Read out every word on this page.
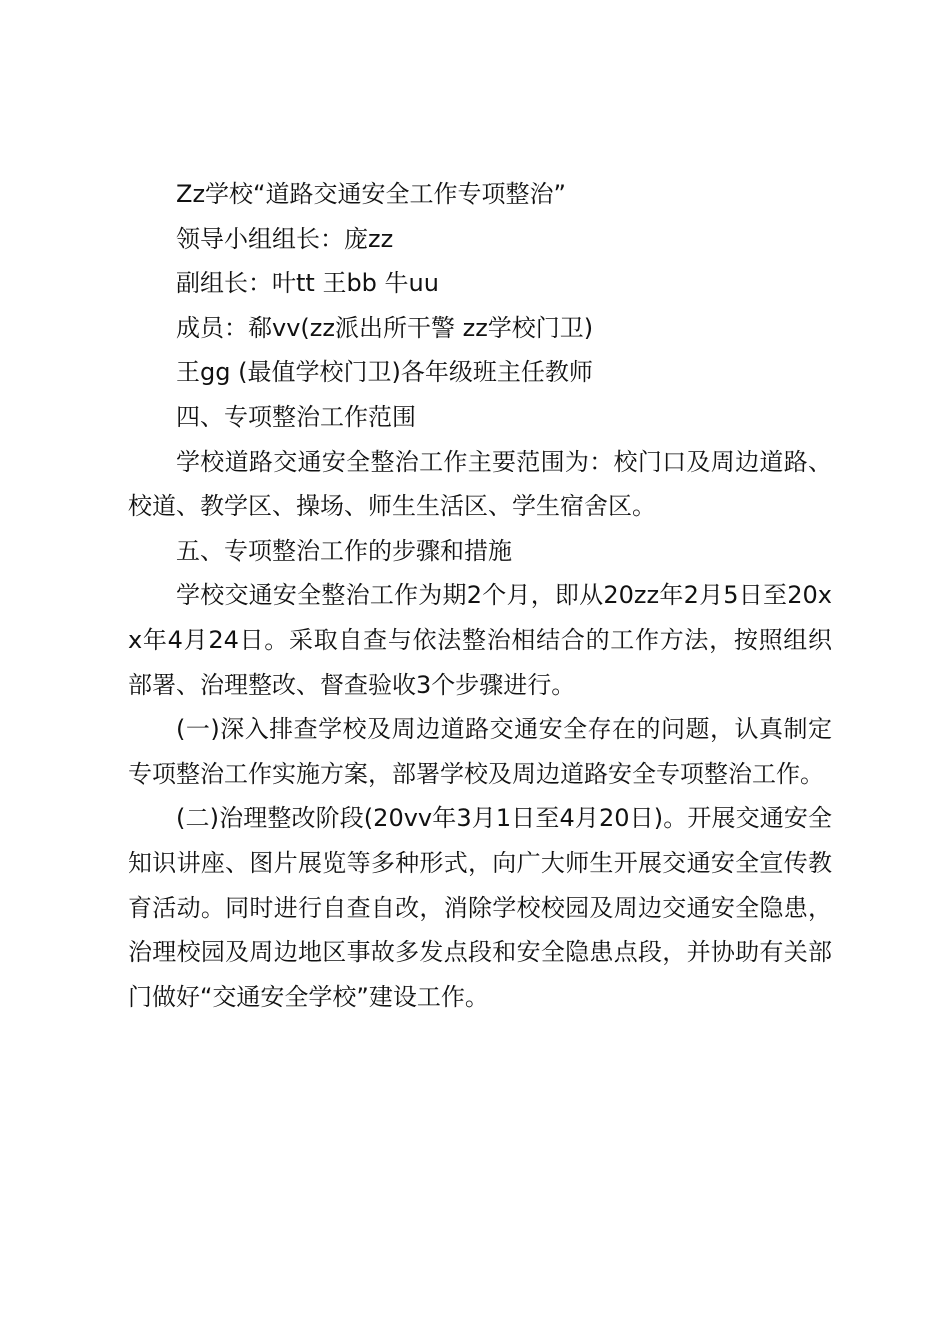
Zz学校“道路交通安全工作专项整治”

领导小组组长：庞zz

副组长：叶tt 王bb 牛uu

成员：郗vv(zz派出所干警 zz学校门卫)

王gg (最值学校门卫)各年级班主任教师

四、专项整治工作范围

学校道路交通安全整治工作主要范围为：校门口及周边道路、校道、教学区、操场、师生生活区、学生宿舍区。

五、专项整治工作的步骤和措施

学校交通安全整治工作为期2个月，即从20zz年2月5日至20xx年4月24日。采取自查与依法整治相结合的工作方法，按照组织部署、治理整改、督查验收3个步骤进行。

(一)深入排查学校及周边道路交通安全存在的问题，认真制定专项整治工作实施方案，部署学校及周边道路安全专项整治工作。

(二)治理整改阶段(20vv年3月1日至4月20日)。开展交通安全知识讲座、图片展览等多种形式，向广大师生开展交通安全宣传教育活动。同时进行自查自改，消除学校校园及周边交通安全隐患，治理校园及周边地区事故多发点段和安全隐患点段，并协助有关部门做好“交通安全学校”建设工作。
